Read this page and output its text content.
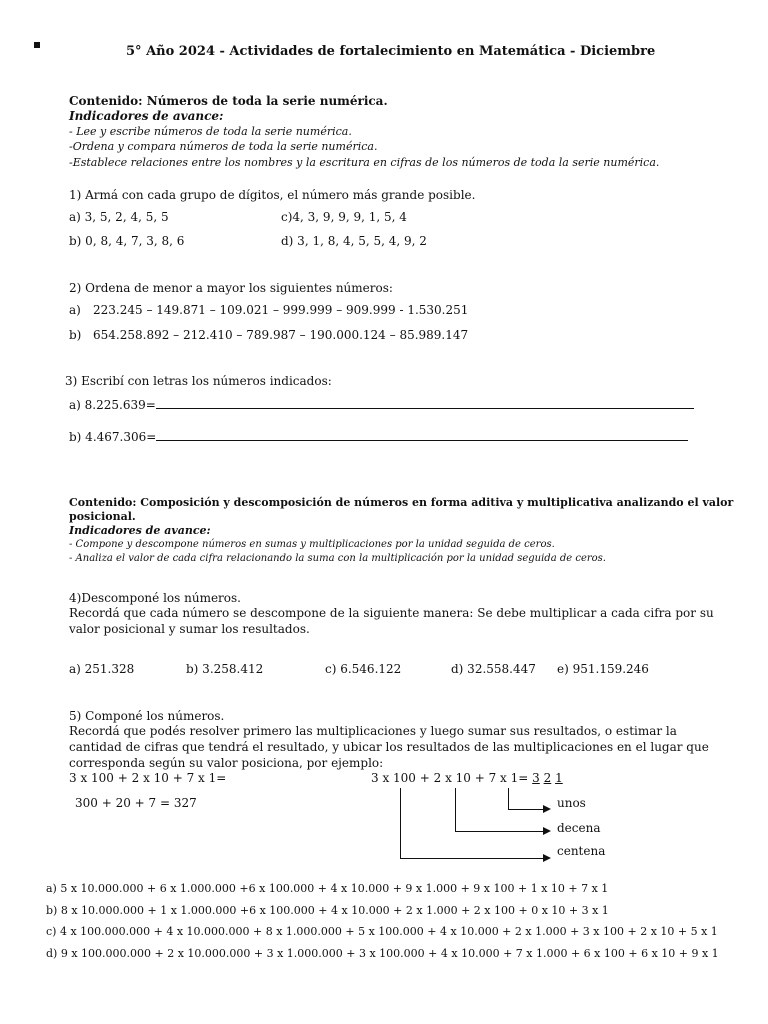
5° Año 2024 - Actividades de fortalecimiento en Matemática - Diciembre
Contenido: Números de toda la serie numérica.
Indicadores de avance:
- Lee y escribe números de toda la serie numérica.
-Ordena y compara números de toda la serie numérica.
-Establece relaciones entre los nombres y la escritura en cifras de los números de toda la serie numérica.
1) Armá con cada grupo de dígitos, el número más grande posible.
a) 3, 5, 2, 4, 5, 5	c)4, 3, 9, 9, 9, 1, 5, 4
b) 0, 8, 4, 7, 3, 8, 6	d) 3, 1, 8, 4, 5, 5, 4, 9, 2
2) Ordena de menor a mayor los siguientes números:
a) 223.245 – 149.871 – 109.021 – 999.999 – 909.999 - 1.530.251
b) 654.258.892 – 212.410 – 789.987 – 190.000.124 – 85.989.147
3) Escribí con letras los números indicados:
a) 8.225.639=
b) 4.467.306=
Contenido: Composición y descomposición de números en forma aditiva y multiplicativa analizando el valor
posicional.
Indicadores de avance:
- Compone y descompone números en sumas y multiplicaciones por la unidad seguida de ceros.
- Analiza el valor de cada cifra relacionando la suma con la multiplicación por la unidad seguida de ceros.
4)Descomponé los números.
Recordá que cada número se descompone de la siguiente manera: Se debe multiplicar a cada cifra por su
valor posicional y sumar los resultados.
a) 251.328	b) 3.258.412	c) 6.546.122	d) 32.558.447 e) 951.159.246
5) Componé los números.
Recordá que podés resolver primero las multiplicaciones y luego sumar sus resultados, o estimar la
cantidad de cifras que tendrá el resultado, y ubicar los resultados de las multiplicaciones en el lugar que
corresponda según su valor posiciona, por ejemplo:
3 x 100 + 2 x 10 + 7 x 1=
300 + 20 + 7 = 327
3 x 100 + 2 x 10 + 7 x 1= 3 2 1
unos
decena
centena
a) 5 x 10.000.000 + 6 x 1.000.000 +6 x 100.000 + 4 x 10.000 + 9 x 1.000 + 9 x 100 + 1 x 10 + 7 x 1
b) 8 x 10.000.000 + 1 x 1.000.000 +6 x 100.000 + 4 x 10.000 + 2 x 1.000 + 2 x 100 + 0 x 10 + 3 x 1
c) 4 x 100.000.000 + 4 x 10.000.000 + 8 x 1.000.000 + 5 x 100.000 + 4 x 10.000 + 2 x 1.000 + 3 x 100 + 2 x 10 + 5 x 1
d) 9 x 100.000.000 + 2 x 10.000.000 + 3 x 1.000.000 + 3 x 100.000 + 4 x 10.000 + 7 x 1.000 + 6 x 100 + 6 x 10 + 9 x 1
